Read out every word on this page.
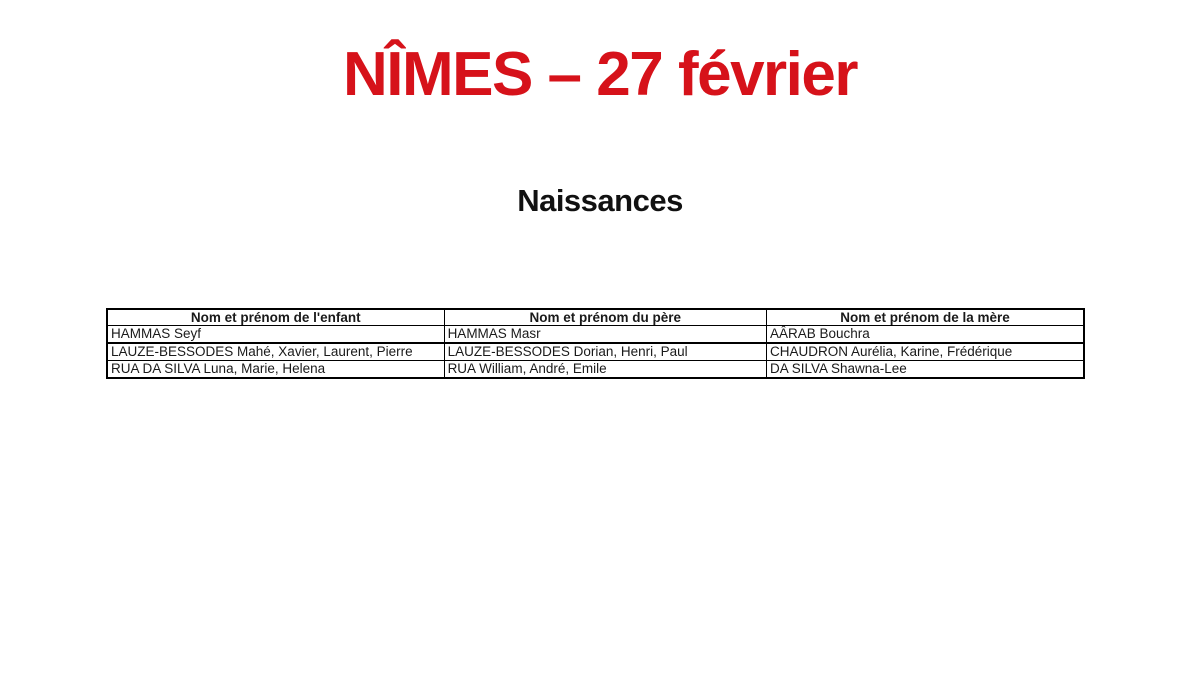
NÎMES – 27 février
Naissances
Nom et prénom de l'enfant	Nom et prénom du père	Nom et prénom de la mère
HAMMAS Seyf	HAMMAS Masr	AÂRAB Bouchra
LAUZE-BESSODES Mahé, Xavier, Laurent, Pierre	LAUZE-BESSODES Dorian, Henri, Paul	CHAUDRON Aurélia, Karine, Frédérique
RUA DA SILVA Luna, Marie, Helena	RUA William, André, Emile	DA SILVA Shawna-Lee
